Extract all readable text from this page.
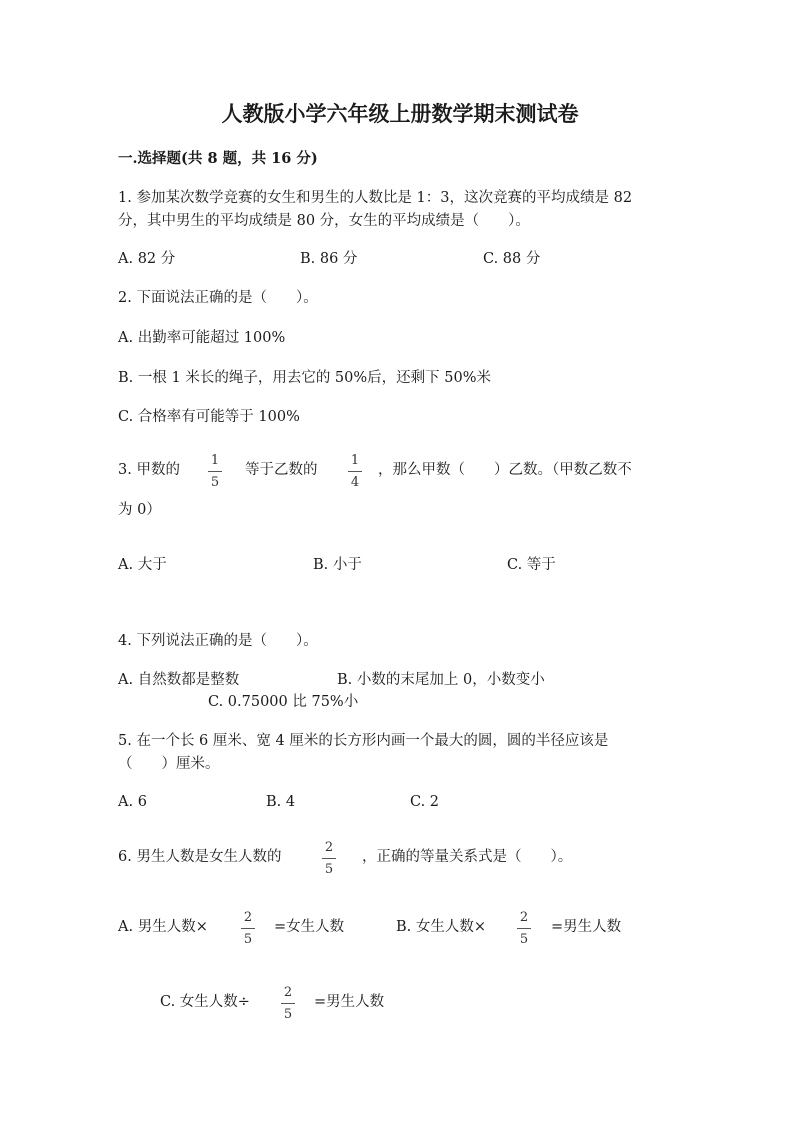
人教版小学六年级上册数学期末测试卷
一.选择题(共 8 题，共 16 分)
1. 参加某次数学竞赛的女生和男生的人数比是 1：3，这次竞赛的平均成绩是 82
分，其中男生的平均成绩是 80 分，女生的平均成绩是（　　）。
A. 82 分	B. 86 分	C. 88 分
2. 下面说法正确的是（　　）。
A. 出勤率可能超过 100%
B. 一根 1 米长的绳子，用去它的 50%后，还剩下 50%米
C. 合格率有可能等于 100%
3. 甲数的
1
5
等于乙数的
1
4
，那么甲数（　　）乙数。（甲数乙数不
为 0）
A. 大于	B. 小于	C. 等于
4. 下列说法正确的是（　　）。
A. 自然数都是整数	B. 小数的末尾加上 0，小数变小
C. 0.75000 比 75%小
5. 在一个长 6 厘米、宽 4 厘米的长方形内画一个最大的圆，圆的半径应该是
（　　）厘米。
A. 6	B. 4	C. 2
6. 男生人数是女生人数的
2
5
，正确的等量关系式是（　　）。
A. 男生人数×
2
5
=女生人数	B. 女生人数×
2
5
=男生人数
C. 女生人数÷
2
5
=男生人数
